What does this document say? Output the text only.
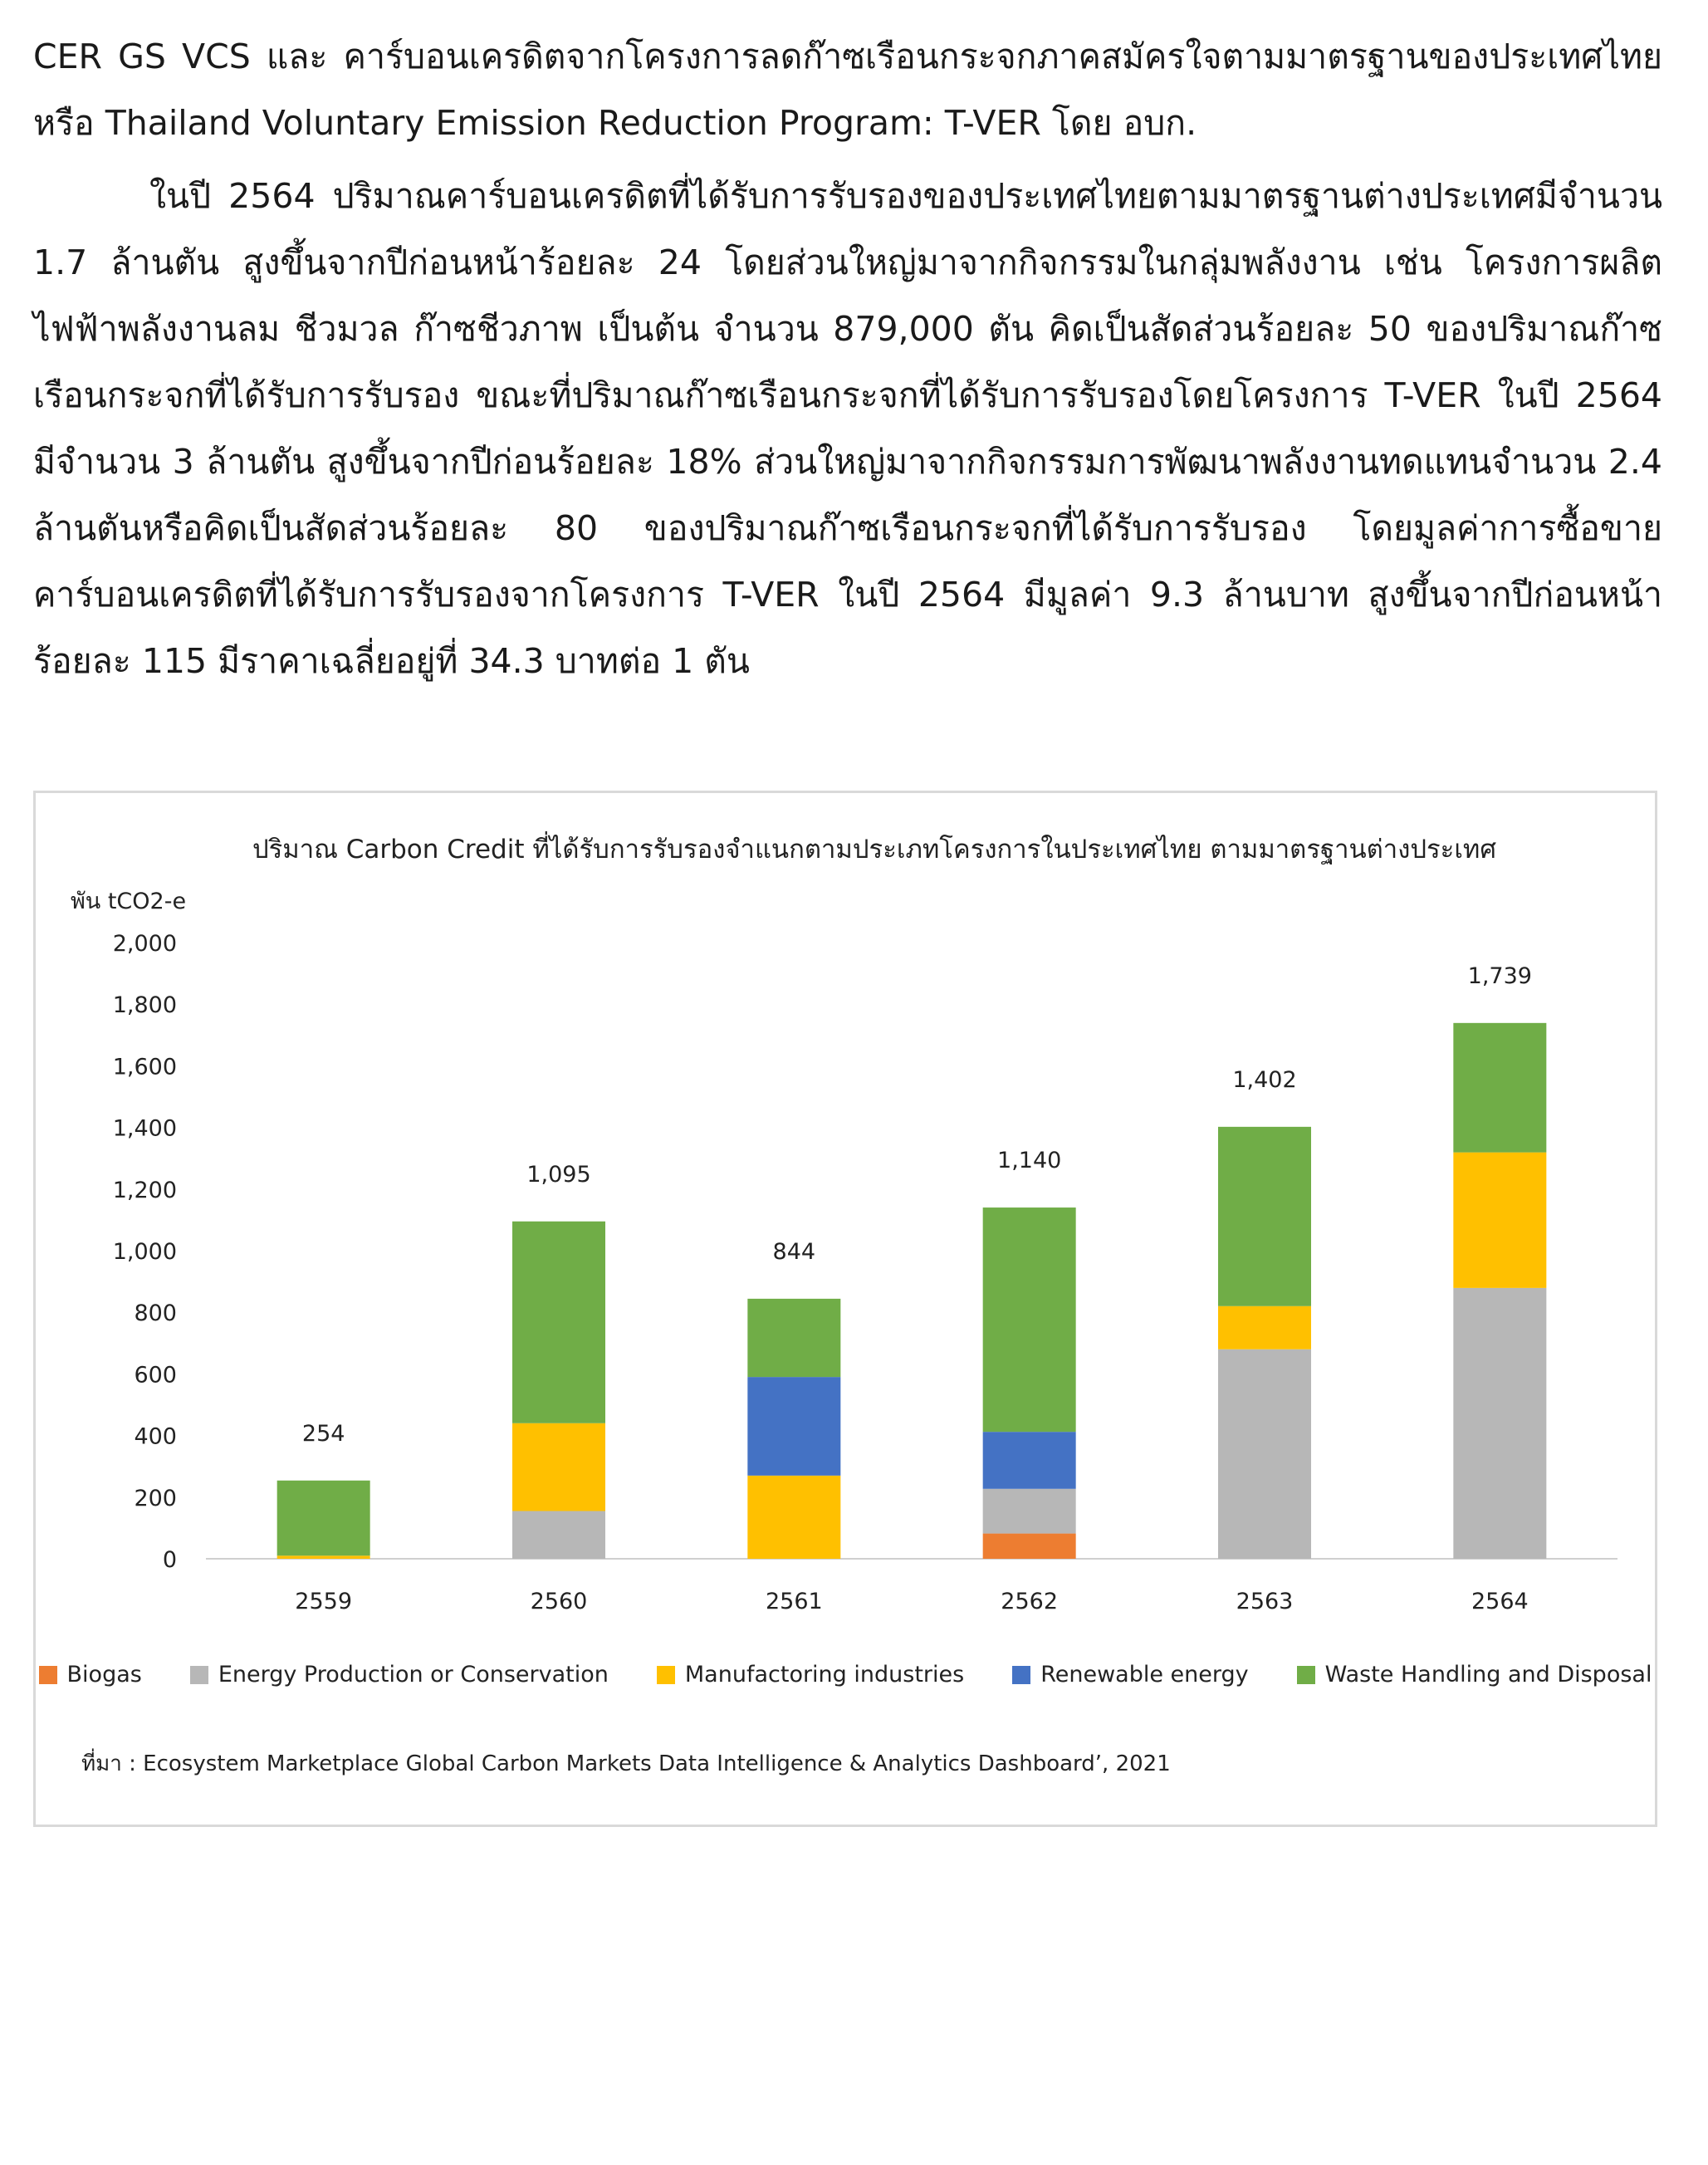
CER GS VCS และ คาร์บอนเครดิตจากโครงการลดก๊าซเรือนกระจกภาคสมัครใจตามมาตรฐานของประเทศไทย หรือ Thailand Voluntary Emission Reduction Program: T-VER โดย อบก.

ในปี 2564 ปริมาณคาร์บอนเครดิตที่ได้รับการรับรองของประเทศไทยตามมาตรฐานต่างประเทศมีจำนวน 1.7 ล้านตัน สูงขึ้นจากปีก่อนหน้าร้อยละ 24 โดยส่วนใหญ่มาจากกิจกรรมในกลุ่มพลังงาน เช่น โครงการผลิตไฟฟ้าพลังงานลม ชีวมวล ก๊าซชีวภาพ เป็นต้น จำนวน 879,000 ตัน คิดเป็นสัดส่วนร้อยละ 50 ของปริมาณก๊าซเรือนกระจกที่ได้รับการรับรอง ขณะที่ปริมาณก๊าซเรือนกระจกที่ได้รับการรับรองโดยโครงการ T-VER ในปี 2564 มีจำนวน 3 ล้านตัน สูงขึ้นจากปีก่อนร้อยละ 18% ส่วนใหญ่มาจากกิจกรรมการพัฒนาพลังงานทดแทนจำนวน 2.4 ล้านตันหรือคิดเป็นสัดส่วนร้อยละ 80 ของปริมาณก๊าซเรือนกระจกที่ได้รับการรับรอง โดยมูลค่าการซื้อขายคาร์บอนเครดิตที่ได้รับการรับรองจากโครงการ T-VER ในปี 2564 มีมูลค่า 9.3 ล้านบาท สูงขึ้นจากปีก่อนหน้าร้อยละ 115 มีราคาเฉลี่ยอยู่ที่ 34.3 บาทต่อ 1 ตัน

ปริมาณ Carbon Credit ที่ได้รับการรับรองจำแนกตามประเภทโครงการในประเทศไทย ตามมาตรฐานต่างประเทศ
พัน tCO2-e
0
200
400
600
800
1,000
1,200
1,400
1,600
1,800
2,000
254
2559
1,095
2560
844
2561
1,140
2562
1,402
2563
1,739
2564
Biogas	Energy Production or Conservation	Manufactoring industries	Renewable energy	Waste Handling and Disposal
ที่มา : Ecosystem Marketplace Global Carbon Markets Data Intelligence & Analytics Dashboard’, 2021
